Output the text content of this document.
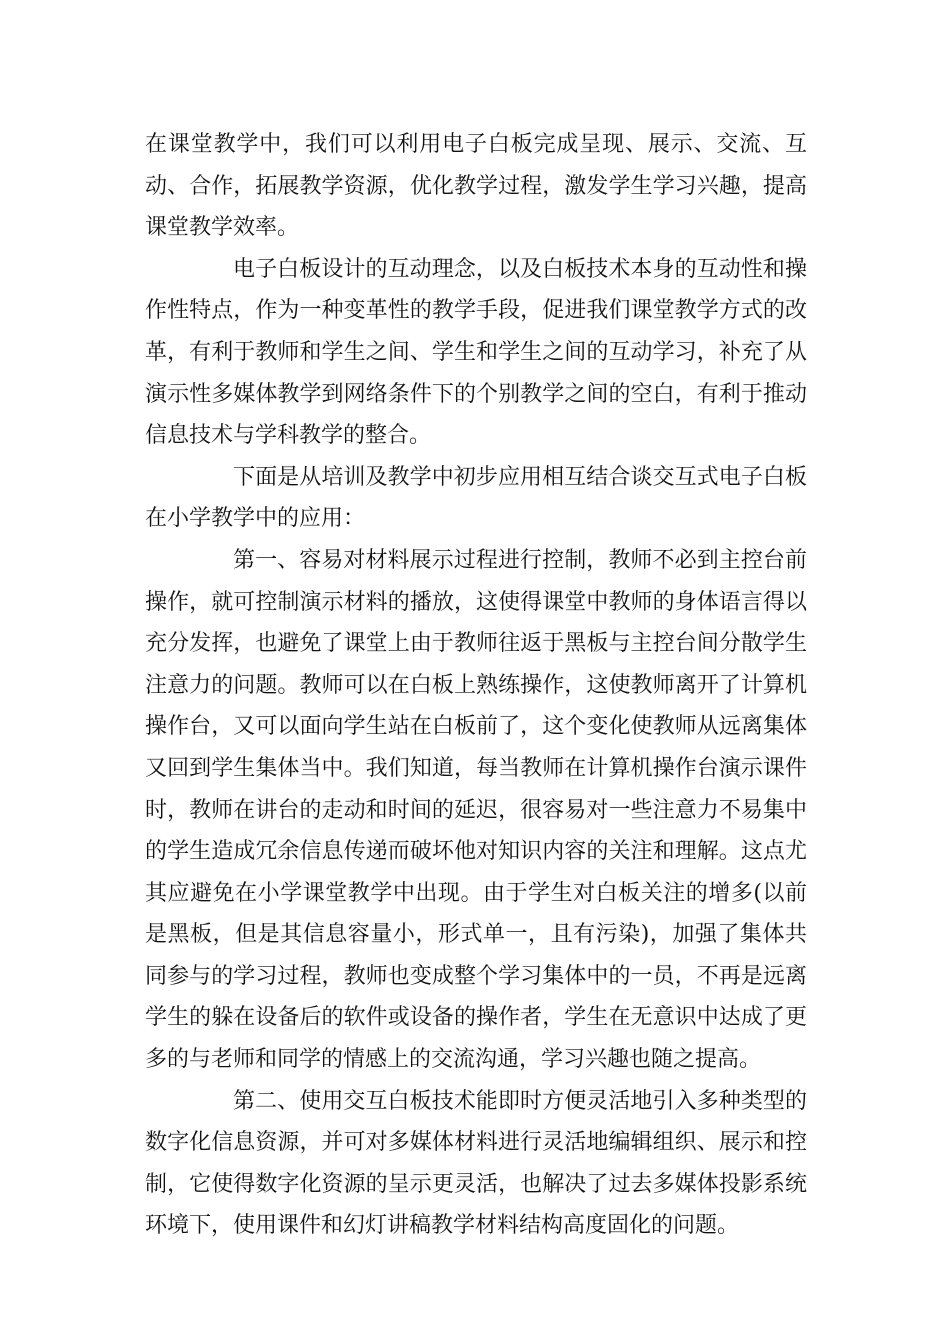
在课堂教学中，我们可以利用电子白板完成呈现、展示、交流、互动、合作，拓展教学资源，优化教学过程，激发学生学习兴趣，提高课堂教学效率。

电子白板设计的互动理念，以及白板技术本身的互动性和操作性特点，作为一种变革性的教学手段，促进我们课堂教学方式的改革，有利于教师和学生之间、学生和学生之间的互动学习，补充了从演示性多媒体教学到网络条件下的个别教学之间的空白，有利于推动信息技术与学科教学的整合。

下面是从培训及教学中初步应用相互结合谈交互式电子白板在小学教学中的应用：

第一、容易对材料展示过程进行控制，教师不必到主控台前操作，就可控制演示材料的播放，这使得课堂中教师的身体语言得以充分发挥，也避免了课堂上由于教师往返于黑板与主控台间分散学生注意力的问题。教师可以在白板上熟练操作，这使教师离开了计算机操作台，又可以面向学生站在白板前了，这个变化使教师从远离集体又回到学生集体当中。我们知道，每当教师在计算机操作台演示课件时，教师在讲台的走动和时间的延迟，很容易对一些注意力不易集中的学生造成冗余信息传递而破坏他对知识内容的关注和理解。这点尤其应避免在小学课堂教学中出现。由于学生对白板关注的增多(以前是黑板，但是其信息容量小，形式单一，且有污染)，加强了集体共同参与的学习过程，教师也变成整个学习集体中的一员，不再是远离学生的躲在设备后的软件或设备的操作者，学生在无意识中达成了更多的与老师和同学的情感上的交流沟通，学习兴趣也随之提高。

第二、使用交互白板技术能即时方便灵活地引入多种类型的数字化信息资源，并可对多媒体材料进行灵活地编辑组织、展示和控制，它使得数字化资源的呈示更灵活，也解决了过去多媒体投影系统环境下，使用课件和幻灯讲稿教学材料结构高度固化的问题。
